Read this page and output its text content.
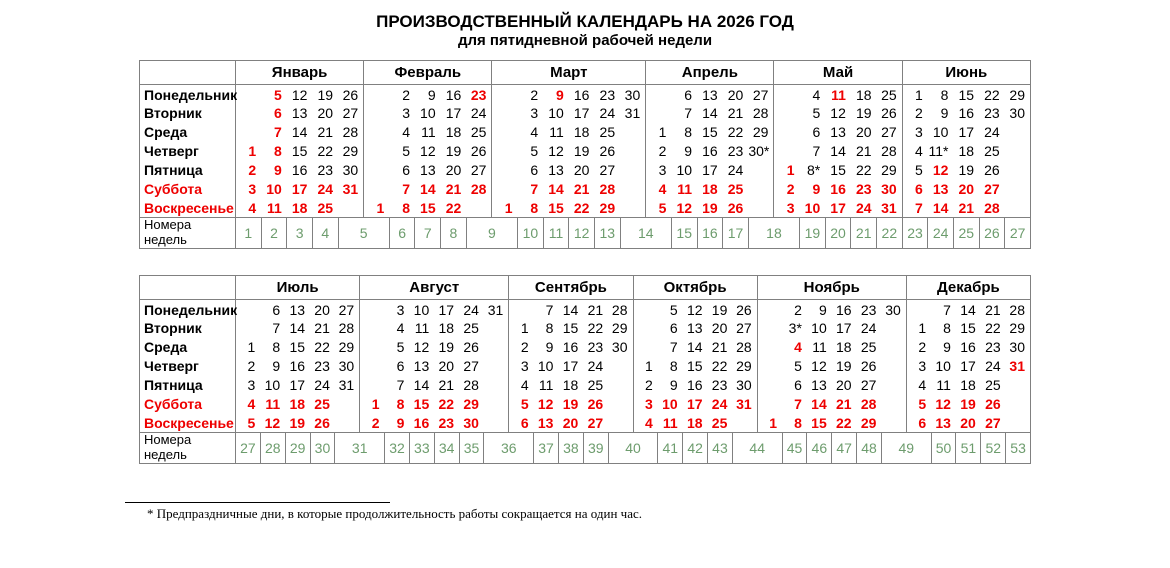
ПРОИЗВОДСТВЕННЫЙ КАЛЕНДАРЬ НА 2026 ГОД
для пятидневной рабочей недели
	Январь					Февраль					Март						Апрель					Май					Июнь				
Понедельник		5	12	19	26		2	9	16	23		2	9	16	23	30		6	13	20	27		4	11	18	25	1	8	15	22	29
Вторник		6	13	20	27		3	10	17	24		3	10	17	24	31		7	14	21	28		5	12	19	26	2	9	16	23	30
Среда		7	14	21	28		4	11	18	25		4	11	18	25		1	8	15	22	29		6	13	20	27	3	10	17	24	
Четверг	1	8	15	22	29		5	12	19	26		5	12	19	26		2	9	16	23	30*		7	14	21	28	4	11*	18	25	
Пятница	2	9	16	23	30		6	13	20	27		6	13	20	27		3	10	17	24		1	8*	15	22	29	5	12	19	26	
Суббота	3	10	17	24	31		7	14	21	28		7	14	21	28		4	11	18	25		2	9	16	23	30	6	13	20	27	
Воскресенье	4	11	18	25		1	8	15	22		1	8	15	22	29		5	12	19	26		3	10	17	24	31	7	14	21	28	
Номера недель	1	2	3	4	5		6	7	8	9		10	11	12	13	14		15	16	17	18		19	20	21	22	23	24	25	26	27
	Июль					Август						Сентябрь					Октябрь					Ноябрь						Декабрь				
Понедельник		6	13	20	27		3	10	17	24	31		7	14	21	28		5	12	19	26		2	9	16	23	30		7	14	21	28
Вторник		7	14	21	28		4	11	18	25		1	8	15	22	29		6	13	20	27		3*	10	17	24		1	8	15	22	29
Среда	1	8	15	22	29		5	12	19	26		2	9	16	23	30		7	14	21	28		4	11	18	25		2	9	16	23	30
Четверг	2	9	16	23	30		6	13	20	27		3	10	17	24		1	8	15	22	29		5	12	19	26		3	10	17	24	31
Пятница	3	10	17	24	31		7	14	21	28		4	11	18	25		2	9	16	23	30		6	13	20	27		4	11	18	25	
Суббота	4	11	18	25		1	8	15	22	29		5	12	19	26		3	10	17	24	31		7	14	21	28		5	12	19	26	
Воскресенье	5	12	19	26		2	9	16	23	30		6	13	20	27		4	11	18	25		1	8	15	22	29		6	13	20	27	
Номера недель	27	28	29	30	31		32	33	34	35	36		37	38	39	40		41	42	43	44		45	46	47	48	49		50	51	52	53
* Предпраздничные дни, в которые продолжительность работы сокращается на один час.
